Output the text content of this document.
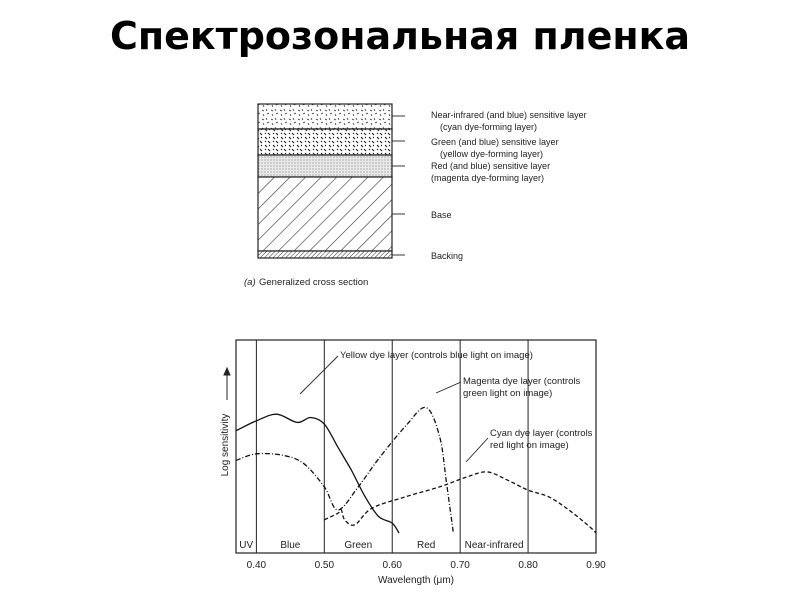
Спектрозональная пленка
Near-infrared (and blue) sensitive layer
(cyan dye-forming layer)
Green (and blue) sensitive layer
(yellow dye-forming layer)
Red (and blue) sensitive layer
(magenta dye-forming layer)
Base
Backing
(a) Generalized cross section
UV	Blue	Green	Red	Near-infrared
0.40	0.50	0.60	0.70	0.80	0.90
Wavelength (μm)
Log sensitivity
Yellow dye layer (controls blue light on image)
Magenta dye layer (controls
green light on image)
Cyan dye layer (controls
red light on image)
